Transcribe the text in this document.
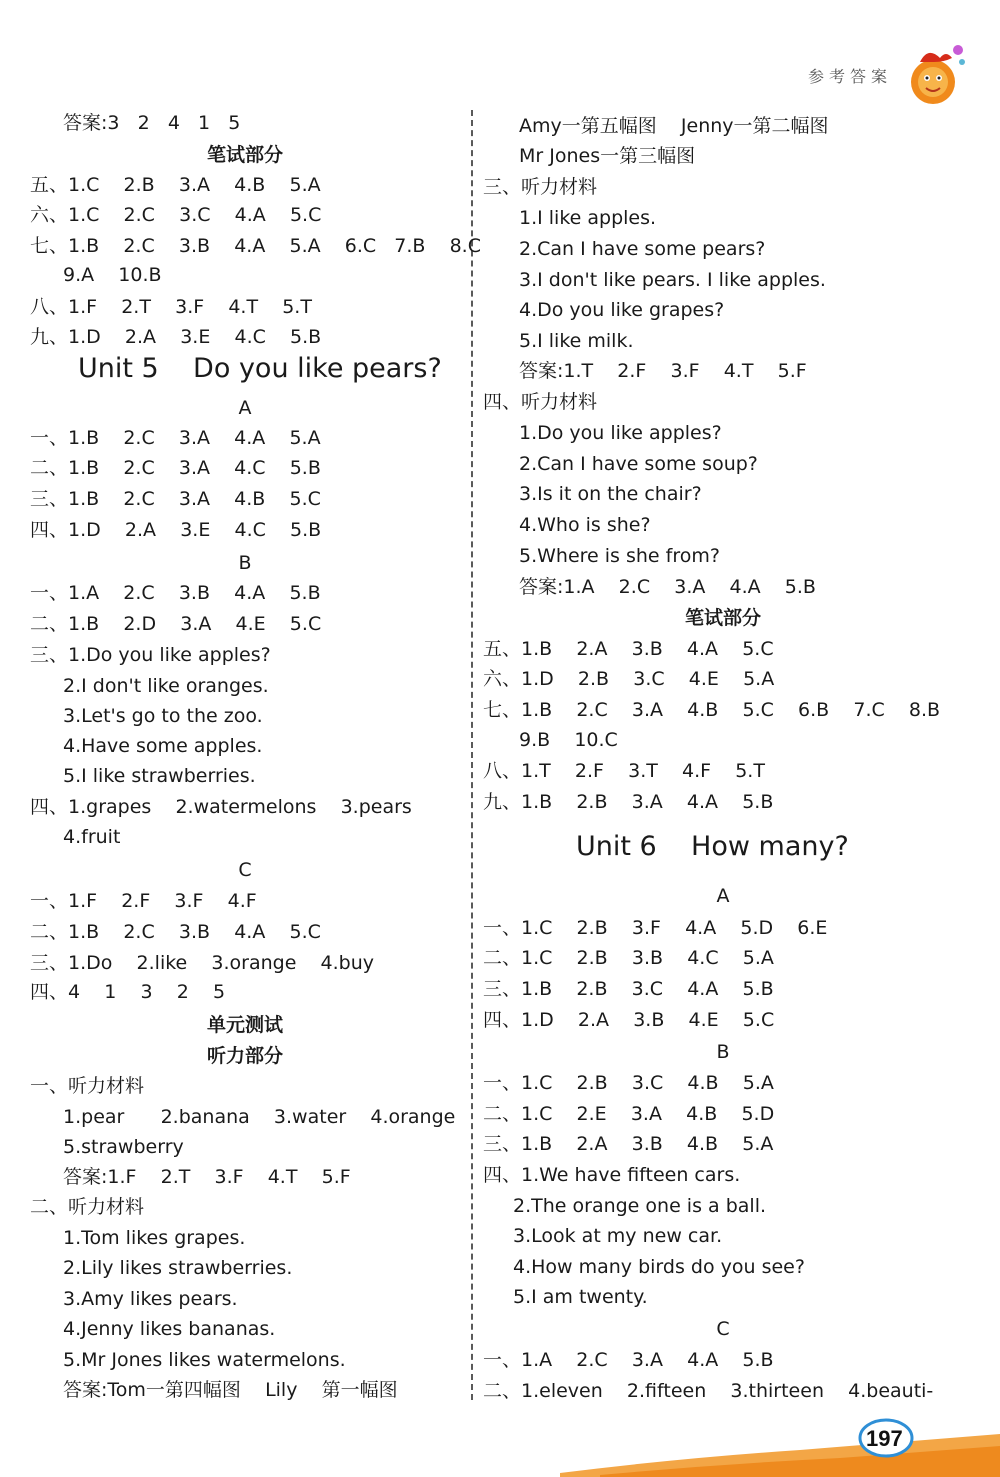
参考答案
答案:3   2   4   1   5
笔试部分
五、1.C    2.B    3.A    4.B    5.A
六、1.C    2.C    3.C    4.A    5.C
七、1.B    2.C    3.B    4.A    5.A    6.C   7.B    8.C
9.A    10.B
八、1.F    2.T    3.F    4.T    5.T
九、1.D    2.A    3.E    4.C    5.B
A
一、1.B    2.C    3.A    4.A    5.A
二、1.B    2.C    3.A    4.C    5.B
三、1.B    2.C    3.A    4.B    5.C
四、1.D    2.A    3.E    4.C    5.B
B
一、1.A    2.C    3.B    4.A    5.B
二、1.B    2.D    3.A    4.E    5.C
三、1.Do you like apples?
2.I don't like oranges.
3.Let's go to the zoo.
4.Have some apples.
5.I like strawberries.
四、1.grapes    2.watermelons    3.pears
4.fruit
C
一、1.F    2.F    3.F    4.F
二、1.B    2.C    3.B    4.A    5.C
三、1.Do    2.like    3.orange    4.buy
四、4    1    3    2    5
单元测试
听力部分
一、听力材料
1.pear      2.banana    3.water    4.orange
5.strawberry
答案:1.F    2.T    3.F    4.T    5.F
二、听力材料
1.Tom likes grapes.
2.Lily likes strawberries.
3.Amy likes pears.
4.Jenny likes bananas.
5.Mr Jones likes watermelons.
答案:Tom一第四幅图    Lily    第一幅图
Unit 5    Do you like pears?
Amy一第五幅图    Jenny一第二幅图
Mr Jones一第三幅图
三、听力材料
1.I like apples.
2.Can I have some pears?
3.I don't like pears. I like apples.
4.Do you like grapes?
5.I like milk.
答案:1.T    2.F    3.F    4.T    5.F
四、听力材料
1.Do you like apples?
2.Can I have some soup?
3.Is it on the chair?
4.Who is she?
5.Where is she from?
答案:1.A    2.C    3.A    4.A    5.B
笔试部分
五、1.B    2.A    3.B    4.A    5.C
六、1.D    2.B    3.C    4.E    5.A
七、1.B    2.C    3.A    4.B    5.C    6.B    7.C    8.B
9.B    10.C
八、1.T    2.F    3.T    4.F    5.T
九、1.B    2.B    3.A    4.A    5.B
A
一、1.C    2.B    3.F    4.A    5.D    6.E
二、1.C    2.B    3.B    4.C    5.A
三、1.B    2.B    3.C    4.A    5.B
四、1.D    2.A    3.B    4.E    5.C
B
一、1.C    2.B    3.C    4.B    5.A
二、1.C    2.E    3.A    4.B    5.D
三、1.B    2.A    3.B    4.B    5.A
四、1.We have fifteen cars.
2.The orange one is a ball.
3.Look at my new car.
4.How many birds do you see?
5.I am twenty.
C
一、1.A    2.C    3.A    4.A    5.B
二、1.eleven    2.fifteen    3.thirteen    4.beauti-
Unit 6    How many?
197
